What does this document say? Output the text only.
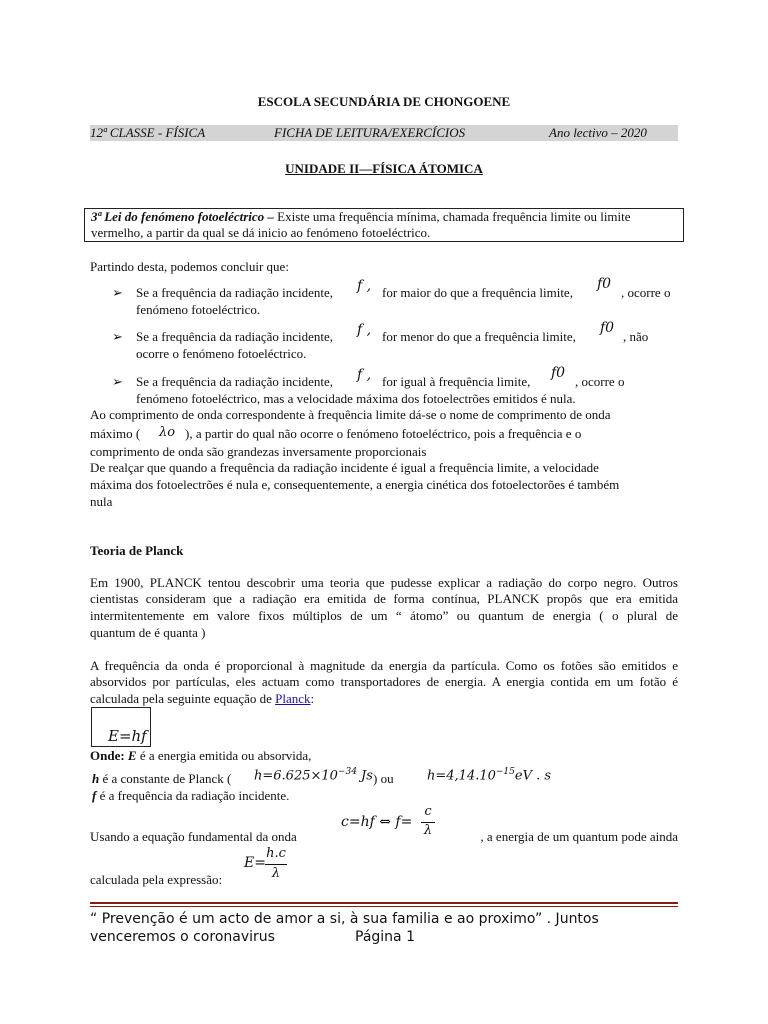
ESCOLA SECUNDÁRIA DE CHONGOENE
12ª CLASSE - FÍSICA	FICHA DE LEITURA/EXERCÍCIOS	Ano lectivo – 2020
UNIDADE II—FÍSICA ÁTOMICA
3ª Lei do fenómeno fotoeléctrico – Existe uma frequência mínima, chamada frequência limite ou limite
vermelho, a partir da qual se dá inicio ao fenómeno fotoeléctrico.
Partindo desta, podemos concluir que:
➢ Se a frequência da radiação incidente, f , for maior do que a frequência limite,
f0
, ocorre o
fenómeno fotoeléctrico.
➢ Se a frequência da radiação incidente, f , for menor do que a frequência limite,
f0
, não
ocorre o fenómeno fotoeléctrico.
➢ Se a frequência da radiação incidente, f , for igual à frequência limite,
f0
, ocorre o
fenómeno fotoeléctrico, mas a velocidade máxima dos fotoelectrões emitidos é nula.
Ao comprimento de onda correspondente à frequência limite dá-se o nome de comprimento de onda
máximo ( λo ), a partir do qual não ocorre o fenómeno fotoeléctrico, pois a frequência e o
comprimento de onda são grandezas inversamente proporcionais
De realçar que quando a frequência da radiação incidente é igual a frequência limite, a velocidade
máxima dos fotoelectrões é nula e, consequentemente, a energia cinética dos fotoelectorões é também
nula
Teoria de Planck
Em 1900, PLANCK tentou descobrir uma teoria que pudesse explicar a radiação do corpo negro. Outros
cientistas consideram que a radiação era emitida de forma contínua, PLANCK propôs que era emitida
intermitentemente em valore fixos múltiplos de um “ átomo” ou quantum de energia ( o plural de
quantum de é quanta )
A frequência da onda é proporcional à magnitude da energia da partícula. Como os fotões são emitidos e
absorvidos por partículas, eles actuam como transportadores de energia. A energia contida em um fotão é
calculada pela seguinte equação de Planck:
E=hf
Onde: E é a energia emitida ou absorvida,
h é a constante de Planck ( $h=6.625\times 10^{-34}$ Js ) ou	$h=4,14.10^{-15}eV$ . s
f é a frequência da radiação incidente.
c=hf ⇔ f=
c
λ
Usando a equação fundamental da onda	, a energia de um quantum pode ainda
E=
h.c
λ
calculada pela expressão:
“ Prevenção é um acto de amor a si, à sua familia e ao proximo” . Juntos
venceremos o coronavirus	Página 1
